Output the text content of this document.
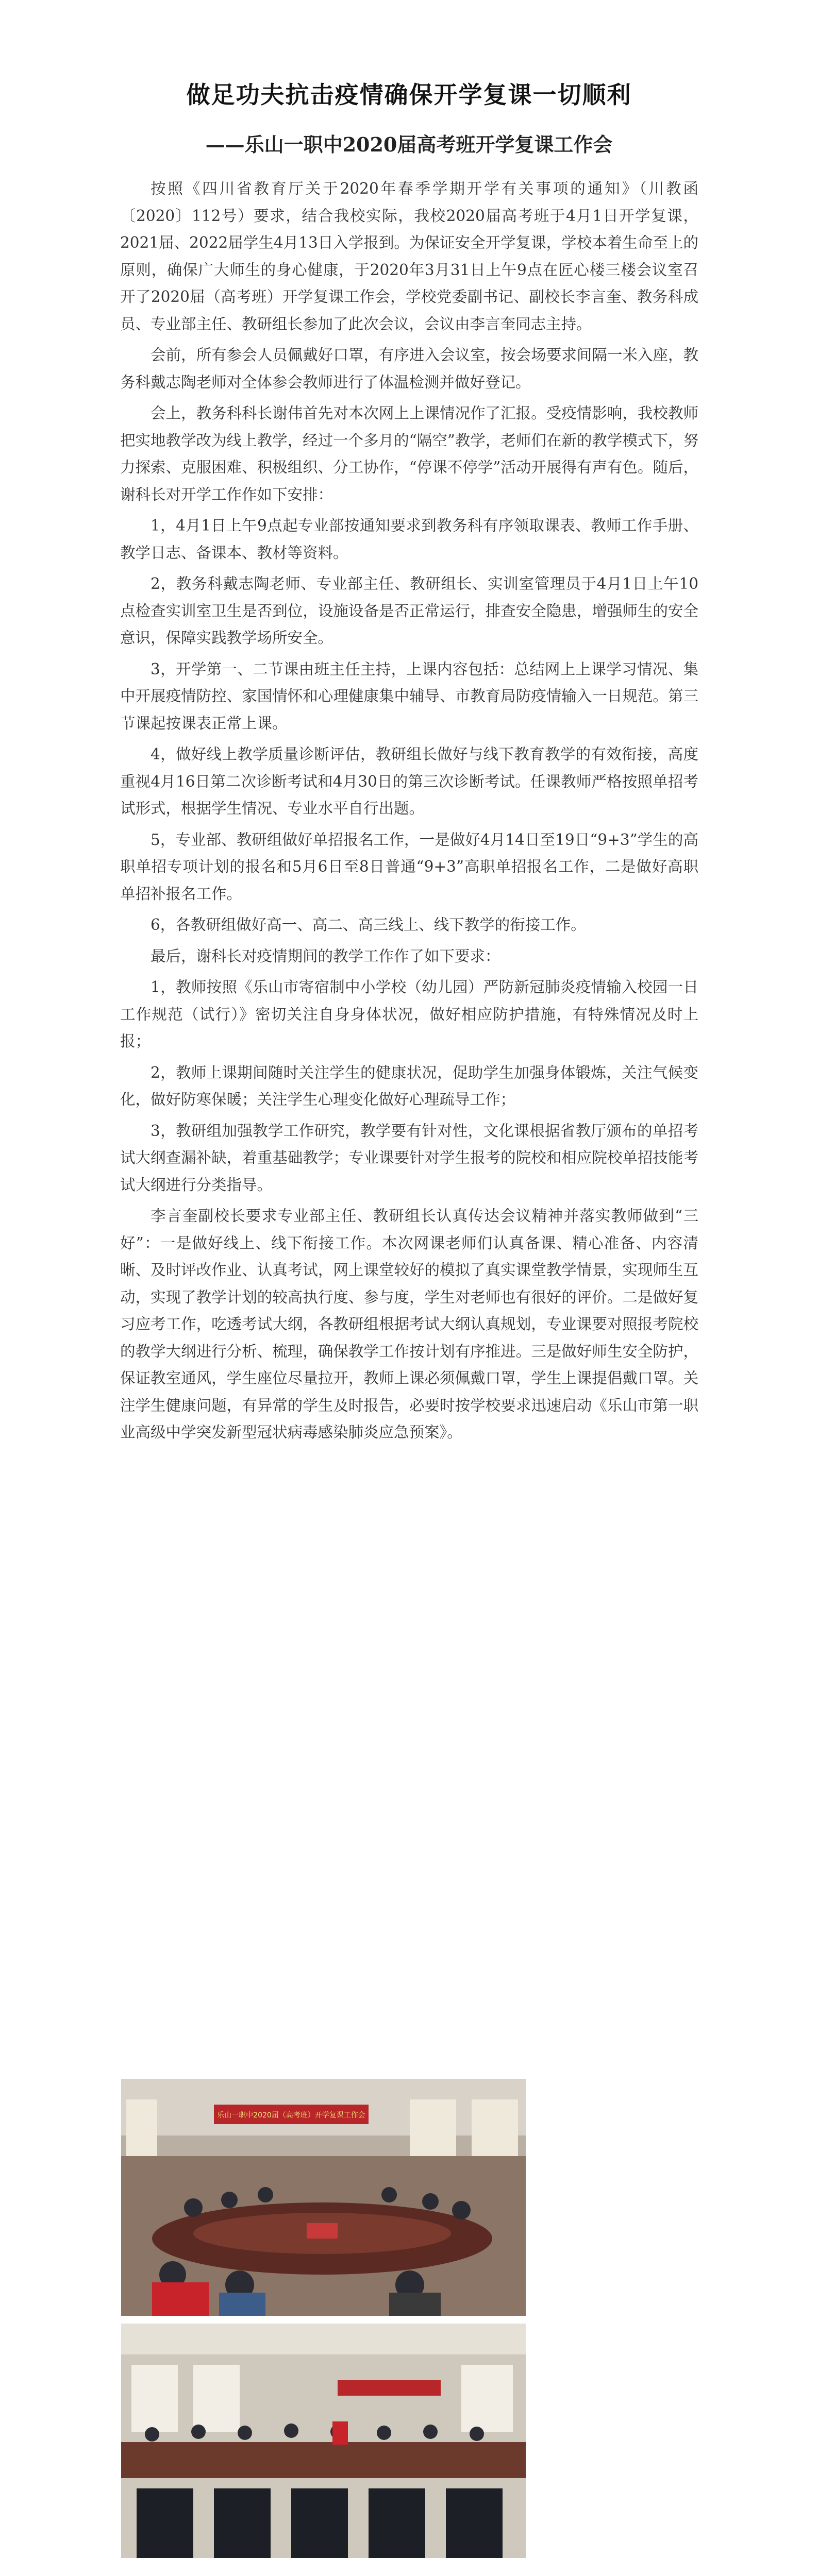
做足功夫抗击疫情确保开学复课一切顺利
——乐山一职中2020届高考班开学复课工作会

按照《四川省教育厅关于2020年春季学期开学有关事项的通知》（川教函〔2020〕112号）要求，结合我校实际，我校2020届高考班于4月1日开学复课，2021届、2022届学生4月13日入学报到。为保证安全开学复课，学校本着生命至上的原则，确保广大师生的身心健康，于2020年3月31日上午9点在匠心楼三楼会议室召开了2020届（高考班）开学复课工作会，学校党委副书记、副校长李言奎、教务科成员、专业部主任、教研组长参加了此次会议，会议由李言奎同志主持。

会前，所有参会人员佩戴好口罩，有序进入会议室，按会场要求间隔一米入座，教务科戴志陶老师对全体参会教师进行了体温检测并做好登记。

会上，教务科科长谢伟首先对本次网上上课情况作了汇报。受疫情影响，我校教师把实地教学改为线上教学，经过一个多月的“隔空”教学，老师们在新的教学模式下，努力探索、克服困难、积极组织、分工协作，“停课不停学”活动开展得有声有色。随后，谢科长对开学工作作如下安排：

1，4月1日上午9点起专业部按通知要求到教务科有序领取课表、教师工作手册、教学日志、备课本、教材等资料。

2，教务科戴志陶老师、专业部主任、教研组长、实训室管理员于4月1日上午10点检查实训室卫生是否到位，设施设备是否正常运行，排查安全隐患，增强师生的安全意识，保障实践教学场所安全。

3，开学第一、二节课由班主任主持，上课内容包括：总结网上上课学习情况、集中开展疫情防控、家国情怀和心理健康集中辅导、市教育局防疫情输入一日规范。第三节课起按课表正常上课。

4，做好线上教学质量诊断评估，教研组长做好与线下教育教学的有效衔接，高度重视4月16日第二次诊断考试和4月30日的第三次诊断考试。任课教师严格按照单招考试形式，根据学生情况、专业水平自行出题。

5，专业部、教研组做好单招报名工作，一是做好4月14日至19日“9+3”学生的高职单招专项计划的报名和5月6日至8日普通“9+3”高职单招报名工作，二是做好高职单招补报名工作。

6，各教研组做好高一、高二、高三线上、线下教学的衔接工作。

最后，谢科长对疫情期间的教学工作作了如下要求：

1，教师按照《乐山市寄宿制中小学校（幼儿园）严防新冠肺炎疫情输入校园一日工作规范（试行）》密切关注自身身体状况，做好相应防护措施，有特殊情况及时上报；

2，教师上课期间随时关注学生的健康状况，促助学生加强身体锻炼，关注气候变化，做好防寒保暖；关注学生心理变化做好心理疏导工作；

3，教研组加强教学工作研究，教学要有针对性，文化课根据省教厅颁布的单招考试大纲查漏补缺，着重基础教学；专业课要针对学生报考的院校和相应院校单招技能考试大纲进行分类指导。

李言奎副校长要求专业部主任、教研组长认真传达会议精神并落实教师做到“三好”：一是做好线上、线下衔接工作。本次网课老师们认真备课、精心准备、内容清晰、及时评改作业、认真考试，网上课堂较好的模拟了真实课堂教学情景，实现师生互动，实现了教学计划的较高执行度、参与度，学生对老师也有很好的评价。二是做好复习应考工作，吃透考试大纲，各教研组根据考试大纲认真规划，专业课要对照报考院校的教学大纲进行分析、梳理，确保教学工作按计划有序推进。三是做好师生安全防护，保证教室通风，学生座位尽量拉开，教师上课必须佩戴口罩，学生上课提倡戴口罩。关注学生健康问题，有异常的学生及时报告，必要时按学校要求迅速启动《乐山市第一职业高级中学突发新型冠状病毒感染肺炎应急预案》。

乐山一职中2020届（高考班）开学复课工作会
